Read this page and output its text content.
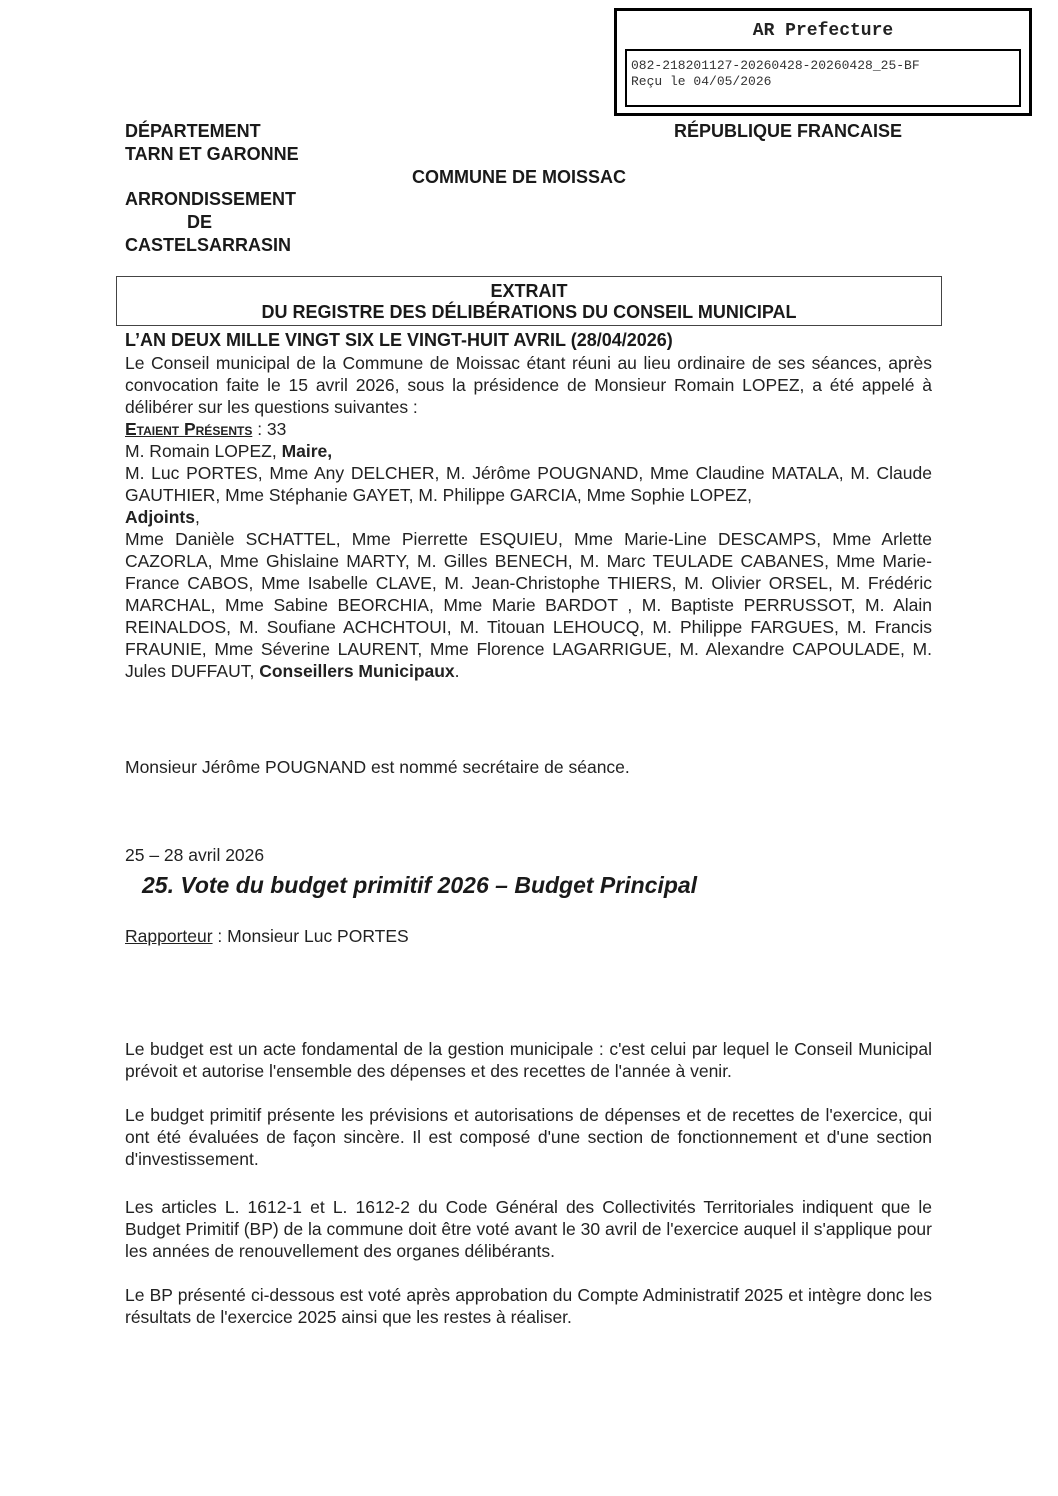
AR Prefecture
082-218201127-20260428-20260428_25-BF
Reçu le 04/05/2026
DÉPARTEMENT
TARN ET GARONNE
RÉPUBLIQUE FRANCAISE
COMMUNE DE MOISSAC
ARRONDISSEMENT
DE
CASTELSARRASIN
EXTRAIT
DU REGISTRE DES DÉLIBÉRATIONS DU CONSEIL MUNICIPAL
L’AN DEUX MILLE VINGT SIX LE VINGT-HUIT AVRIL (28/04/2026)

Le Conseil municipal de la Commune de Moissac étant réuni au lieu ordinaire de ses séances, après convocation faite le 15 avril 2026, sous la présidence de Monsieur Romain LOPEZ, a été appelé à délibérer sur les questions suivantes :

Etaient Présents : 33

M. Romain LOPEZ, Maire,

M. Luc PORTES, Mme Any DELCHER, M. Jérôme POUGNAND, Mme Claudine MATALA, M. Claude GAUTHIER, Mme Stéphanie GAYET, M. Philippe GARCIA, Mme Sophie LOPEZ,
Adjoints,

Mme Danièle SCHATTEL, Mme Pierrette ESQUIEU, Mme Marie-Line DESCAMPS, Mme Arlette CAZORLA, Mme Ghislaine MARTY, M. Gilles BENECH, M. Marc TEULADE CABANES, Mme Marie-France CABOS, Mme Isabelle CLAVE, M. Jean-Christophe THIERS, M. Olivier ORSEL, M. Frédéric MARCHAL, Mme Sabine BEORCHIA, Mme Marie BARDOT , M. Baptiste PERRUSSOT, M. Alain REINALDOS, M. Soufiane ACHCHTOUI, M. Titouan LEHOUCQ, M. Philippe FARGUES, M. Francis FRAUNIE, Mme Séverine LAURENT, Mme Florence LAGARRIGUE, M. Alexandre CAPOULADE, M. Jules DUFFAUT, Conseillers Municipaux.

Monsieur Jérôme POUGNAND est nommé secrétaire de séance.
25 – 28 avril 2026
25. Vote du budget primitif 2026 – Budget Principal
Rapporteur : Monsieur Luc PORTES
Le budget est un acte fondamental de la gestion municipale : c'est celui par lequel le Conseil Municipal prévoit et autorise l'ensemble des dépenses et des recettes de l'année à venir.
Le budget primitif présente les prévisions et autorisations de dépenses et de recettes de l'exercice, qui ont été évaluées de façon sincère. Il est composé d'une section de fonctionnement et d'une section d'investissement.
Les articles L. 1612-1 et L. 1612-2 du Code Général des Collectivités Territoriales indiquent que le Budget Primitif (BP) de la commune doit être voté avant le 30 avril de l'exercice auquel il s'applique pour les années de renouvellement des organes délibérants.
Le BP présenté ci-dessous est voté après approbation du Compte Administratif 2025 et intègre donc les résultats de l'exercice 2025 ainsi que les restes à réaliser.
